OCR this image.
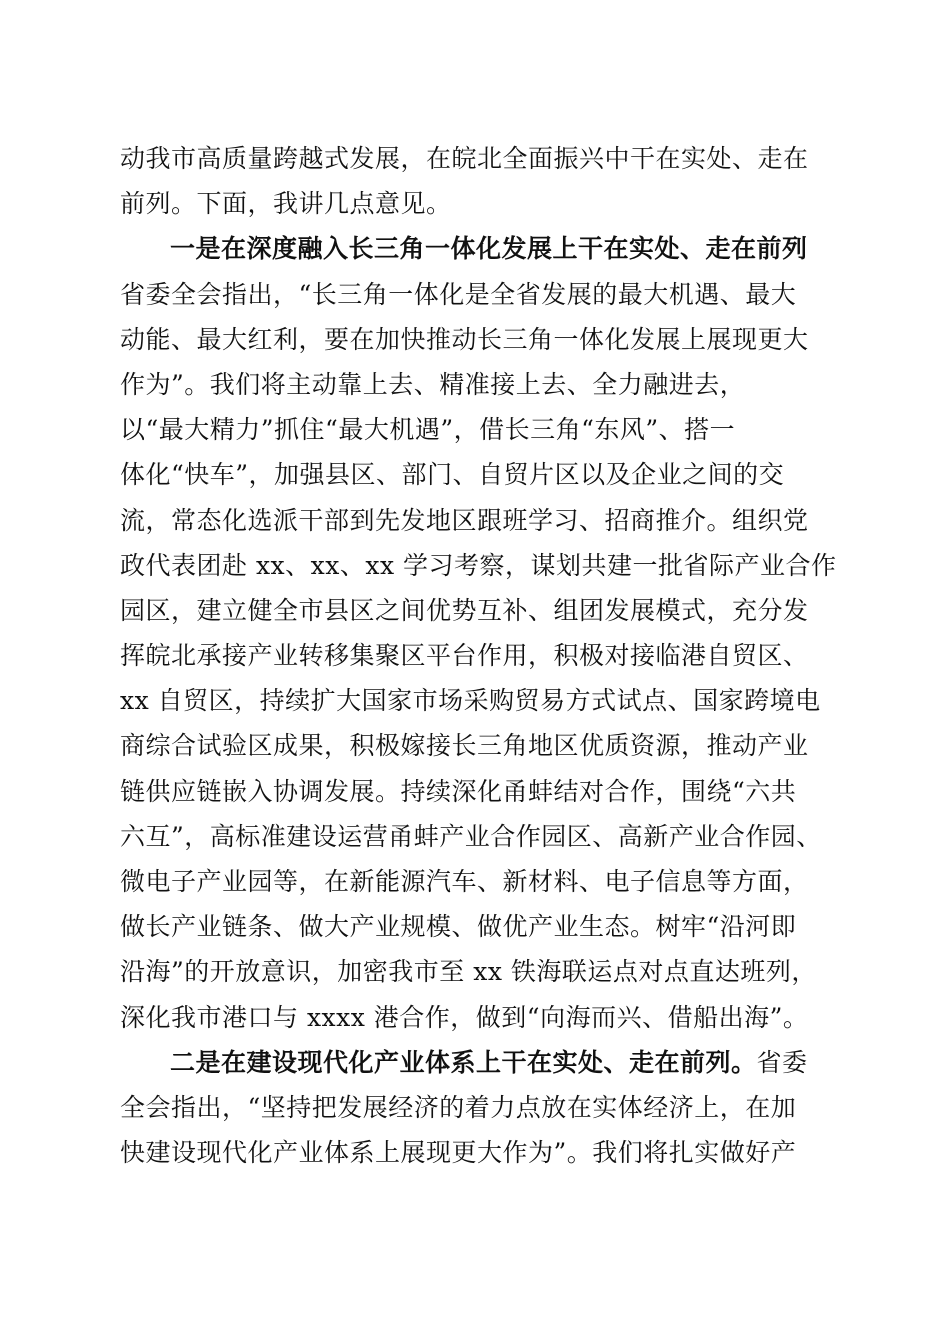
动我市高质量跨越式发展，在皖北全面振兴中干在实处、走在
前列。下面，我讲几点意见。
一是在深度融入长三角一体化发展上干在实处、走在前列
省委全会指出，“长三角一体化是全省发展的最大机遇、最大
动能、最大红利，要在加快推动长三角一体化发展上展现更大
作为”。我们将主动靠上去、精准接上去、全力融进去，
以“最大精力”抓住“最大机遇”，借长三角“东风”、搭一
体化“快车”，加强县区、部门、自贸片区以及企业之间的交
流，常态化选派干部到先发地区跟班学习、招商推介。组织党
政代表团赴 xx、xx、xx 学习考察，谋划共建一批省际产业合作
园区，建立健全市县区之间优势互补、组团发展模式，充分发
挥皖北承接产业转移集聚区平台作用，积极对接临港自贸区、
xx 自贸区，持续扩大国家市场采购贸易方式试点、国家跨境电
商综合试验区成果，积极嫁接长三角地区优质资源，推动产业
链供应链嵌入协调发展。持续深化甬蚌结对合作，围绕“六共
六互”，高标准建设运营甬蚌产业合作园区、高新产业合作园、
微电子产业园等，在新能源汽车、新材料、电子信息等方面，
做长产业链条、做大产业规模、做优产业生态。树牢“沿河即
沿海”的开放意识，加密我市至 xx 铁海联运点对点直达班列，
深化我市港口与 xxxx 港合作，做到“向海而兴、借船出海”。
二是在建设现代化产业体系上干在实处、走在前列。省委
全会指出，“坚持把发展经济的着力点放在实体经济上，在加
快建设现代化产业体系上展现更大作为”。我们将扎实做好产
